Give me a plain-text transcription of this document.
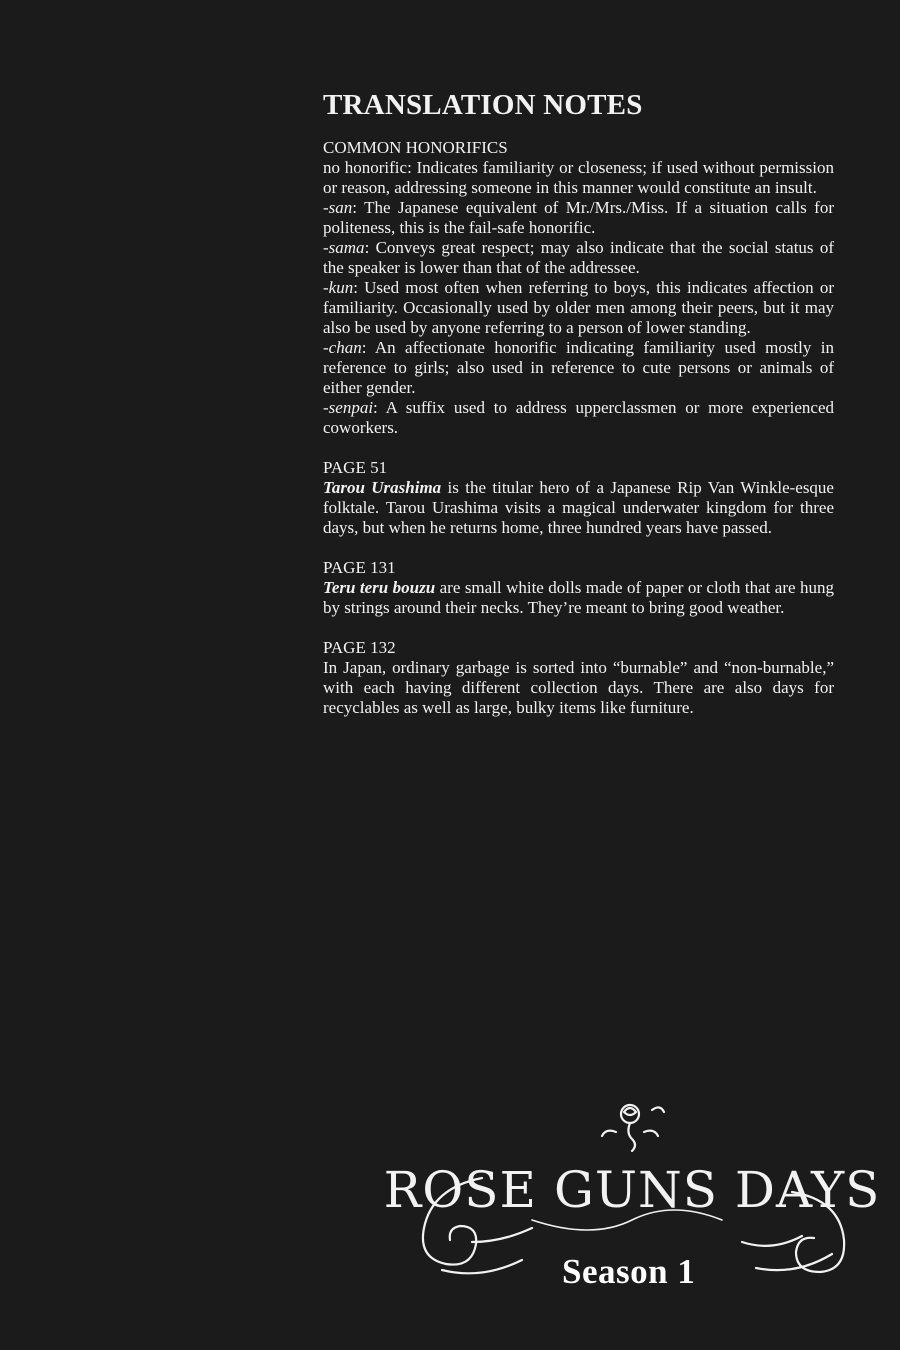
TRANSLATION NOTES
COMMON HONORIFICS

no honorific: Indicates familiarity or closeness; if used without permission or reason, addressing someone in this manner would constitute an insult.

-san: The Japanese equivalent of Mr./Mrs./Miss. If a situation calls for politeness, this is the fail-safe honorific.

-sama: Conveys great respect; may also indicate that the social status of the speaker is lower than that of the addressee.

-kun: Used most often when referring to boys, this indicates affection or familiarity. Occasionally used by older men among their peers, but it may also be used by anyone referring to a person of lower standing.

-chan: An affectionate honorific indicating familiarity used mostly in reference to girls; also used in reference to cute persons or animals of either gender.

-senpai: A suffix used to address upperclassmen or more experienced coworkers.

PAGE 51

Tarou Urashima is the titular hero of a Japanese Rip Van Winkle-esque folktale. Tarou Urashima visits a magical underwater kingdom for three days, but when he returns home, three hundred years have passed.

PAGE 131

Teru teru bouzu are small white dolls made of paper or cloth that are hung by strings around their necks. They’re meant to bring good weather.

PAGE 132

In Japan, ordinary garbage is sorted into “burnable” and “non-burnable,” with each having different collection days. There are also days for recyclables as well as large, bulky items like furniture.

ROSE GUNS DAYS
Season 1
